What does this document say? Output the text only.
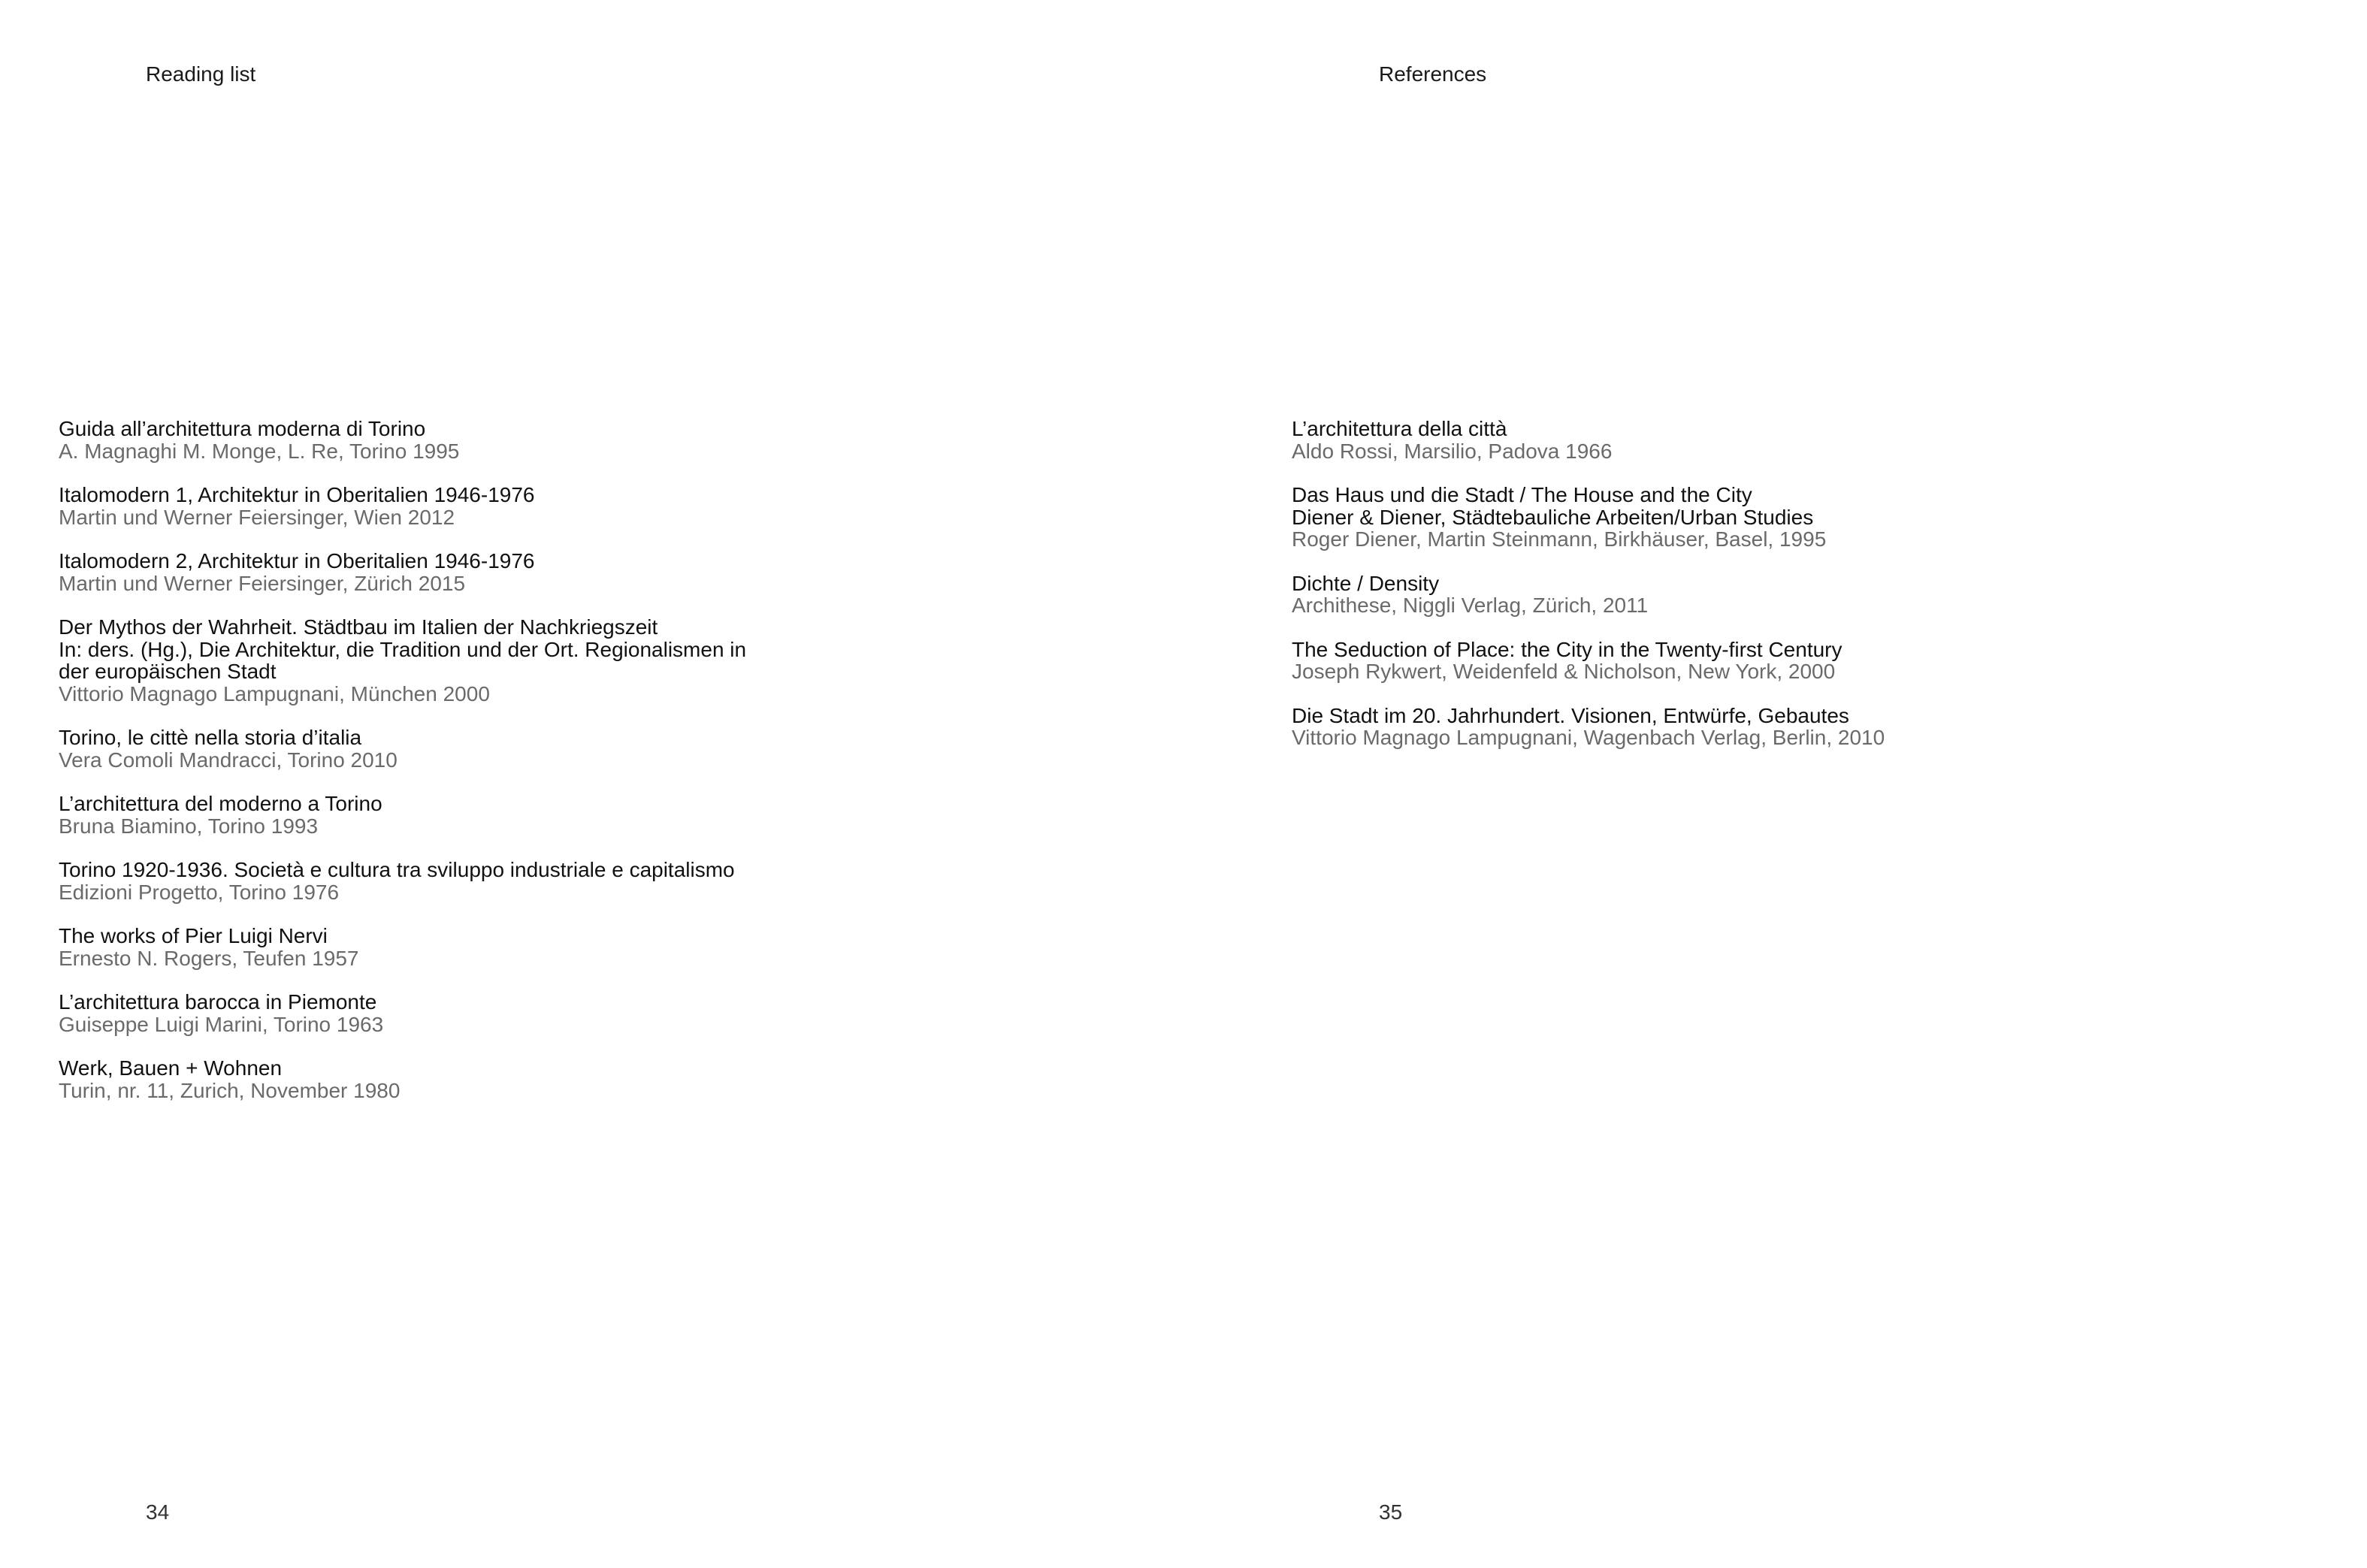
Reading list
Guida all’architettura moderna di Torino
A. Magnaghi M. Monge, L. Re, Torino 1995
Italomodern 1, Architektur in Oberitalien 1946-1976
Martin und Werner Feiersinger, Wien 2012
Italomodern 2, Architektur in Oberitalien 1946-1976
Martin und Werner Feiersinger, Zürich 2015
Der Mythos der Wahrheit. Städtbau im Italien der Nachkriegszeit
In: ders. (Hg.), Die Architektur, die Tradition und der Ort. Regionalismen in
der europäischen Stadt
Vittorio Magnago Lampugnani, München 2000
Torino, le cittè nella storia d’italia
Vera Comoli Mandracci, Torino 2010
L’architettura del moderno a Torino
Bruna Biamino, Torino 1993
Torino 1920-1936. Società e cultura tra sviluppo industriale e capitalismo
Edizioni Progetto, Torino 1976
The works of Pier Luigi Nervi
Ernesto N. Rogers, Teufen 1957
L’architettura barocca in Piemonte
Guiseppe Luigi Marini, Torino 1963
Werk, Bauen + Wohnen
Turin, nr. 11, Zurich, November 1980
34
References
L’architettura della città
Aldo Rossi, Marsilio, Padova 1966
Das Haus und die Stadt / The House and the City
Diener & Diener, Städtebauliche Arbeiten/Urban Studies
Roger Diener, Martin Steinmann, Birkhäuser, Basel, 1995
Dichte / Density
Archithese, Niggli Verlag, Zürich, 2011
The Seduction of Place: the City in the Twenty-first Century
Joseph Rykwert, Weidenfeld & Nicholson, New York, 2000
Die Stadt im 20. Jahrhundert. Visionen, Entwürfe, Gebautes
Vittorio Magnago Lampugnani, Wagenbach Verlag, Berlin, 2010
35
